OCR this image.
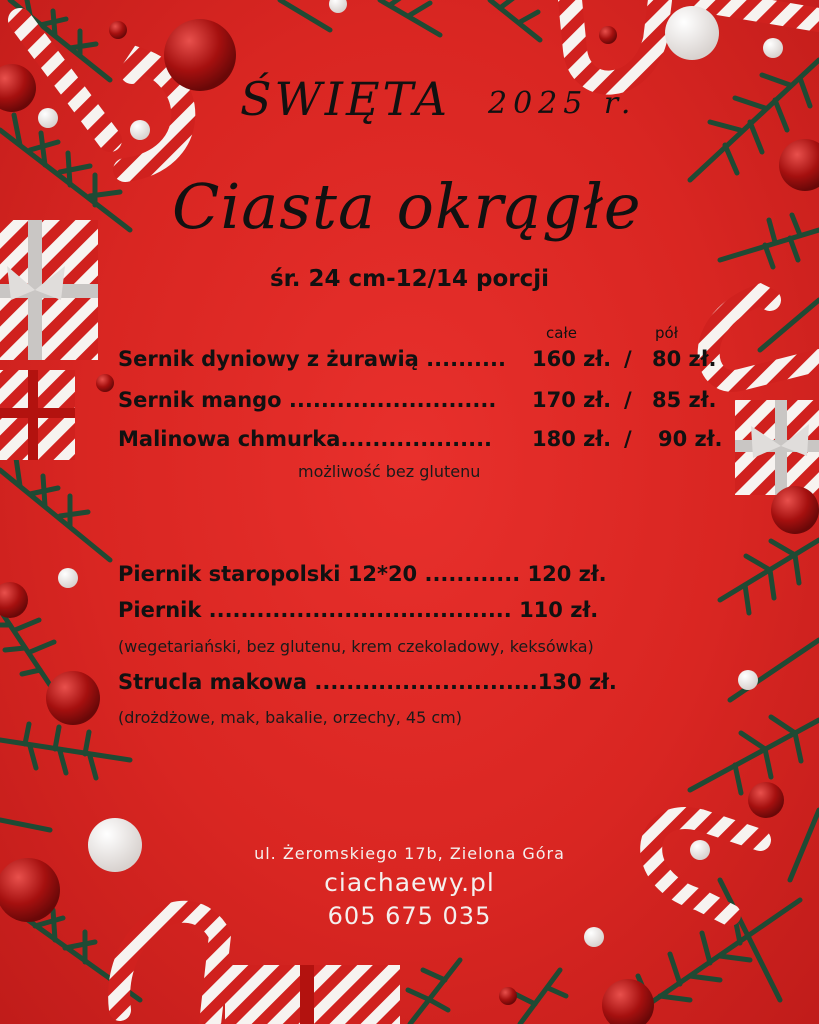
ŚWIĘTA 2025 r.
Ciasta okrągłe
śr. 24 cm-12/14 porcji
całe	pół
Sernik dyniowy z żurawią .......... 160 zł. / 80 zł.
Sernik mango .......................... 170 zł. / 85 zł.
Malinowa chmurka................... 180 zł. / 90 zł.
możliwość bez glutenu
Piernik staropolski 12*20 ............ 120 zł.
Piernik ...................................... 110 zł.
(wegetariański, bez glutenu, krem czekoladowy, keksówka)
Strucla makowa ............................130 zł.
(drożdżowe, mak, bakalie, orzechy, 45 cm)
ul. Żeromskiego 17b, Zielona Góra
ciachaewy.pl
605 675 035
